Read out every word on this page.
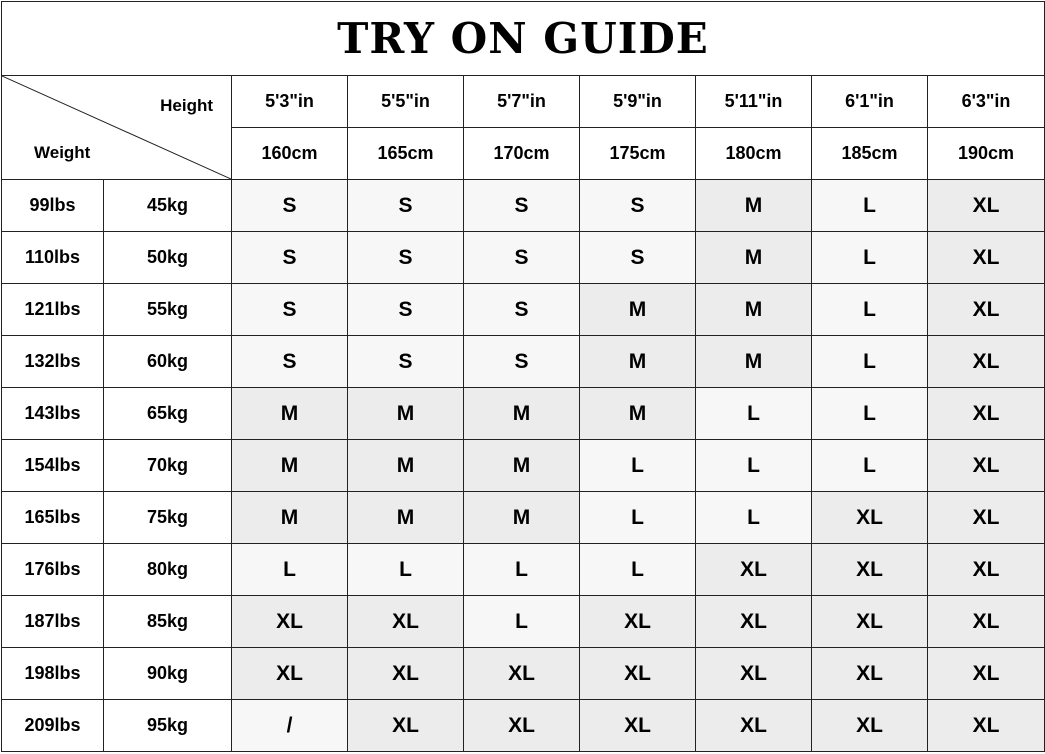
TRY ON GUIDE								

Height
Weight		5'3"in	5'5"in	5'7"in	5'9"in	5'11"in	6'1"in	6'3"in
		160cm	165cm	170cm	175cm	180cm	185cm	190cm
99lbs	45kg	S	S	S	S	M	L	XL
110lbs	50kg	S	S	S	S	M	L	XL
121lbs	55kg	S	S	S	M	M	L	XL
132lbs	60kg	S	S	S	M	M	L	XL
143lbs	65kg	M	M	M	M	L	L	XL
154lbs	70kg	M	M	M	L	L	L	XL
165lbs	75kg	M	M	M	L	L	XL	XL
176lbs	80kg	L	L	L	L	XL	XL	XL
187lbs	85kg	XL	XL	L	XL	XL	XL	XL
198lbs	90kg	XL	XL	XL	XL	XL	XL	XL
209lbs	95kg	/	XL	XL	XL	XL	XL	XL
